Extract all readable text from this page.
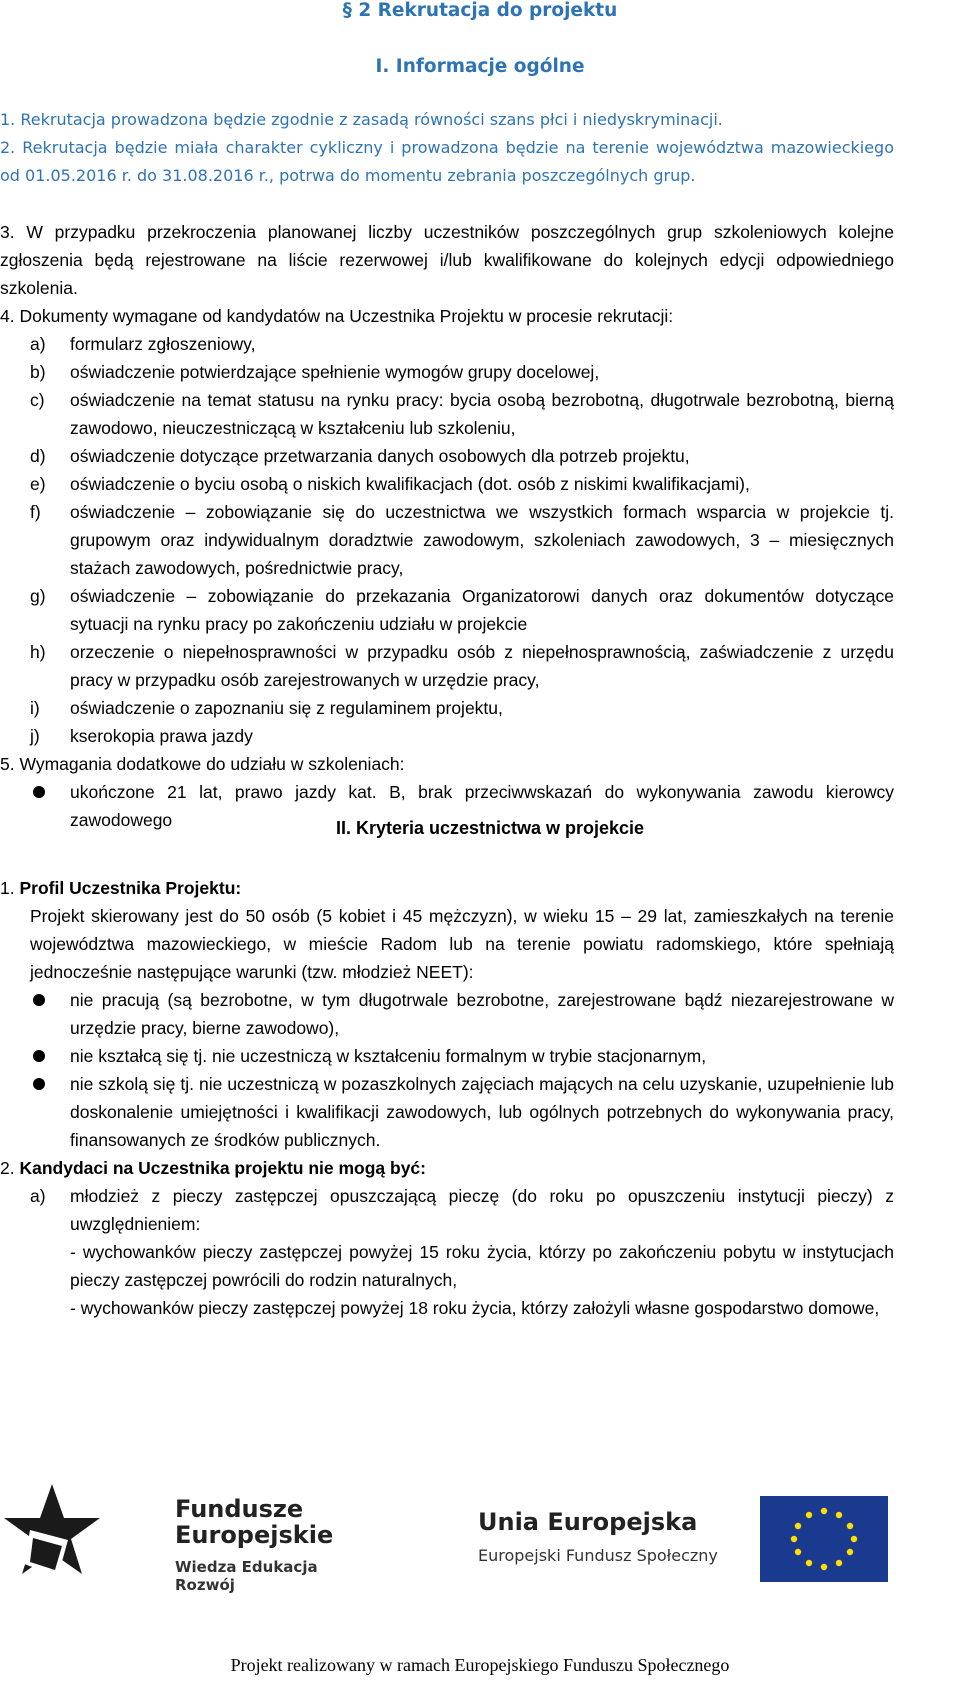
§ 2 Rekrutacja do projektu
I. Informacje ogólne
1. Rekrutacja prowadzona będzie zgodnie z zasadą równości szans płci i niedyskryminacji.
2. Rekrutacja będzie miała charakter cykliczny i prowadzona będzie na terenie województwa mazowieckiego od 01.05.2016 r. do 31.08.2016 r., potrwa do momentu zebrania poszczególnych grup.
3. W przypadku przekroczenia planowanej liczby uczestników poszczególnych grup szkoleniowych kolejne zgłoszenia będą rejestrowane na liście rezerwowej i/lub kwalifikowane do kolejnych edycji odpowiedniego szkolenia.
4. Dokumenty wymagane od kandydatów na Uczestnika Projektu w procesie rekrutacji:
a)	formularz zgłoszeniowy,
b)	oświadczenie potwierdzające spełnienie wymogów grupy docelowej,
c)	oświadczenie na temat statusu na rynku pracy: bycia osobą bezrobotną, długotrwale bezrobotną, bierną zawodowo, nieuczestniczącą w kształceniu lub szkoleniu,
d)	oświadczenie dotyczące przetwarzania danych osobowych dla potrzeb projektu,
e)	oświadczenie o byciu osobą o niskich kwalifikacjach (dot. osób z niskimi kwalifikacjami),
f)	oświadczenie – zobowiązanie się do uczestnictwa we wszystkich formach wsparcia w projekcie tj. grupowym oraz indywidualnym doradztwie zawodowym, szkoleniach zawodowych, 3 – miesięcznych stażach zawodowych, pośrednictwie pracy,
g)	oświadczenie – zobowiązanie do przekazania Organizatorowi danych oraz dokumentów dotyczące sytuacji na rynku pracy po zakończeniu udziału w projekcie
h)	orzeczenie o niepełnosprawności w przypadku osób z niepełnosprawnością, zaświadczenie z urzędu pracy w przypadku osób zarejestrowanych w urzędzie pracy,
i)	oświadczenie o zapoznaniu się z regulaminem projektu,
j)	kserokopia prawa jazdy
5. Wymagania dodatkowe do udziału w szkoleniach:
ukończone 21 lat, prawo jazdy kat. B, brak przeciwwskazań do wykonywania zawodu kierowcy zawodowego	II. Kryteria uczestnictwa w projekcie
1. Profil Uczestnika Projektu:
Projekt skierowany jest do 50 osób (5 kobiet i 45 mężczyzn), w wieku 15 – 29 lat, zamieszkałych na terenie województwa mazowieckiego, w mieście Radom lub na terenie powiatu radomskiego, które spełniają jednocześnie następujące warunki (tzw. młodzież NEET):
nie pracują (są bezrobotne, w tym długotrwale bezrobotne, zarejestrowane bądź niezarejestrowane w urzędzie pracy, bierne zawodowo),
nie kształcą się tj. nie uczestniczą w kształceniu formalnym w trybie stacjonarnym,
nie szkolą się tj. nie uczestniczą w pozaszkolnych zajęciach mających na celu uzyskanie, uzupełnienie lub doskonalenie umiejętności i kwalifikacji zawodowych, lub ogólnych potrzebnych do wykonywania pracy, finansowanych ze środków publicznych.
2. Kandydaci na Uczestnika projektu nie mogą być:
a)	młodzież z pieczy zastępczej opuszczającą pieczę (do roku po opuszczeniu instytucji pieczy) z uwzględnieniem:
- wychowanków pieczy zastępczej powyżej 15 roku życia, którzy po zakończeniu pobytu w instytucjach pieczy zastępczej powrócili do rodzin naturalnych,
- wychowanków pieczy zastępczej powyżej 18 roku życia, którzy założyli własne gospodarstwo domowe,
Fundusze
Europejskie
Wiedza Edukacja Rozwój
Unia Europejska
Europejski Fundusz Społeczny
Projekt realizowany w ramach Europejskiego Funduszu Społecznego
